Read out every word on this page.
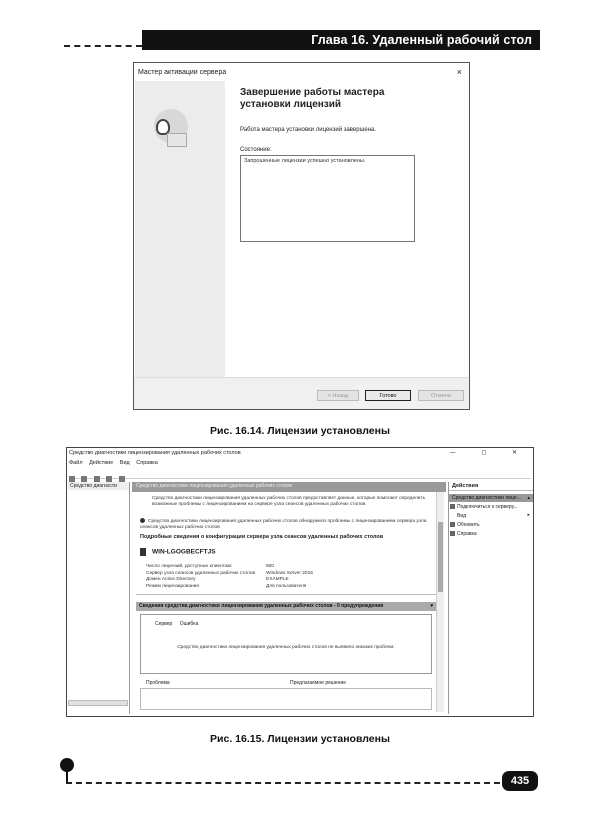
Глава 16. Удаленный рабочий стол
Мастер активации сервера	×
Завершение работы мастера
установки лицензий
Работа мастера установки лицензий завершена.
Состояние:
Запрошенные лицензии успешно установлены.
< Назад	Готово	Отмена
Рис. 16.14. Лицензии установлены
Средство диагностики лицензирования удаленных рабочих столов	— ◻ ✕
Файл Действие Вид Справка

Средство диагности	Средство диагностики лицензирования удаленных рабочих столов
Средство диагностики лицензирования удаленных рабочих столов предоставляет данные, которые помогают определить возможные проблемы с лицензированием на сервере узла сеансов удаленных рабочих столов.
Средство диагностики лицензирования удаленных рабочих столов обнаружило проблемы с лицензированием сервера узла сеансов удаленных рабочих столов
Подробные сведения о конфигурации сервера узла сеансов удаленных рабочих столов
WIN-LGOGBECFTJS
Число лицензий, доступных клиентам:	500
Сервер узла сеансов удаленных рабочих столов	Windows Server 2016
Домен Active Directory	EXAMPLE
Режим лицензирования	Для пользователя
Сведения средства диагностики лицензирования удаленных рабочих столов - 0 предупреждения	▾
Сервер Ошибка
Средство диагностики лицензирования удаленных рабочих столов не выявило никаких проблем.
Проблема	Предлагаемое решение
Действия
Средство диагностики лице... ▴
Подключиться к серверу...
Вид	▸
Обновить
Справка
Рис. 16.15. Лицензии установлены
435
